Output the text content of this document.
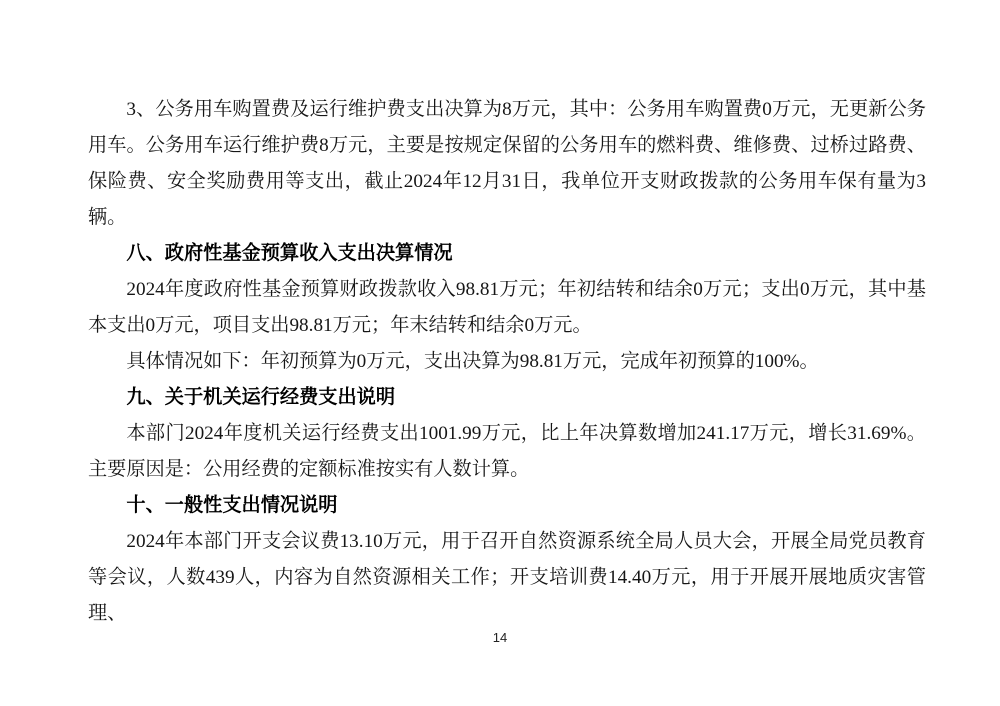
3、公务用车购置费及运行维护费支出决算为8万元，其中：公务用车购置费0万元，无更新公务用车。公务用车运行维护费8万元，主要是按规定保留的公务用车的燃料费、维修费、过桥过路费、保险费、安全奖励费用等支出，截止2024年12月31日，我单位开支财政拨款的公务用车保有量为3辆。
八、政府性基金预算收入支出决算情况
2024年度政府性基金预算财政拨款收入98.81万元；年初结转和结余0万元；支出0万元，其中基本支出0万元，项目支出98.81万元；年末结转和结余0万元。
具体情况如下：年初预算为0万元，支出决算为98.81万元，完成年初预算的100%。
九、关于机关运行经费支出说明
本部门2024年度机关运行经费支出1001.99万元，比上年决算数增加241.17万元，增长31.69%。主要原因是：公用经费的定额标准按实有人数计算。
十、一般性支出情况说明
2024年本部门开支会议费13.10万元，用于召开自然资源系统全局人员大会，开展全局党员教育等会议，人数439人，内容为自然资源相关工作；开支培训费14.40万元，用于开展开展地质灾害管理、
14
